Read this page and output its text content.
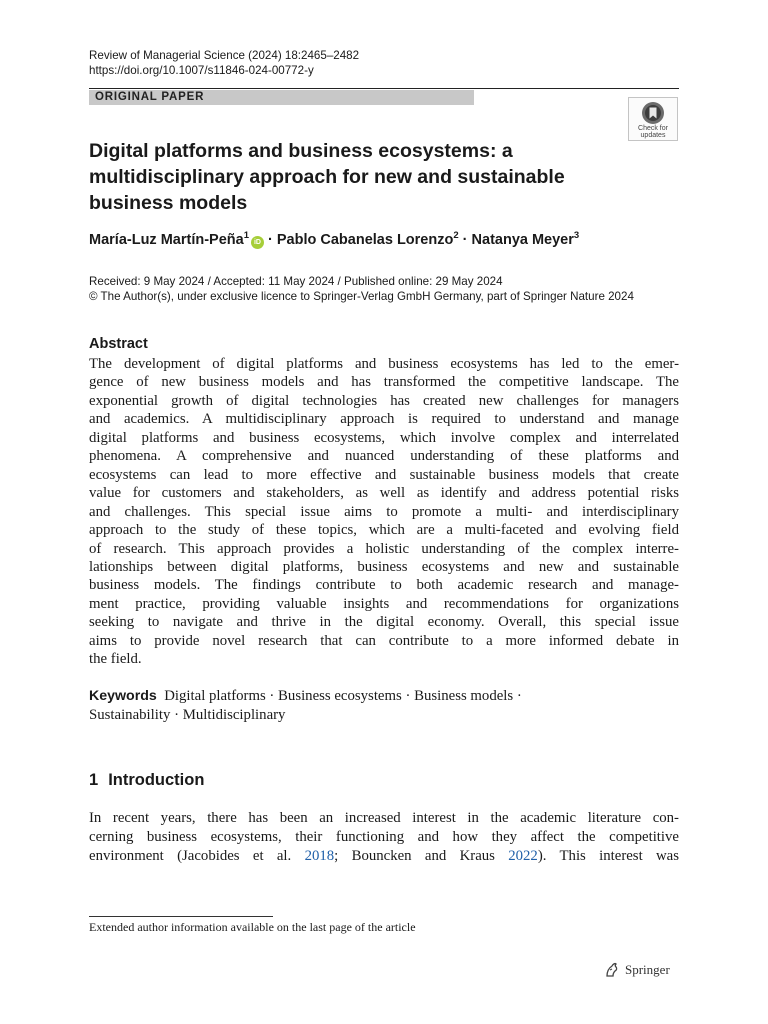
Review of Managerial Science (2024) 18:2465–2482
https://doi.org/10.1007/s11846-024-00772-y
ORIGINAL PAPER
Check for
updates
Digital platforms and business ecosystems: a
multidisciplinary approach for new and sustainable
business models
María-Luz Martín-Peña$^1$iD · Pablo Cabanelas Lorenzo$^2$ · Natanya Meyer$^3$
Received: 9 May 2024 / Accepted: 11 May 2024 / Published online: 29 May 2024
© The Author(s), under exclusive licence to Springer-Verlag GmbH Germany, part of Springer Nature 2024
Abstract
The development of digital platforms and business ecosystems has led to the emer-
gence of new business models and has transformed the competitive landscape. The
exponential growth of digital technologies has created new challenges for managers
and academics. A multidisciplinary approach is required to understand and manage
digital platforms and business ecosystems, which involve complex and interrelated
phenomena. A comprehensive and nuanced understanding of these platforms and
ecosystems can lead to more effective and sustainable business models that create
value for customers and stakeholders, as well as identify and address potential risks
and challenges. This special issue aims to promote a multi- and interdisciplinary
approach to the study of these topics, which are a multi-faceted and evolving field
of research. This approach provides a holistic understanding of the complex interre-
lationships between digital platforms, business ecosystems and new and sustainable
business models. The findings contribute to both academic research and manage-
ment practice, providing valuable insights and recommendations for organizations
seeking to navigate and thrive in the digital economy. Overall, this special issue
aims to provide novel research that can contribute to a more informed debate in
the field.
Keywords Digital platforms · Business ecosystems · Business models ·
Sustainability · Multidisciplinary
1 Introduction
In recent years, there has been an increased interest in the academic literature con-
cerning business ecosystems, their functioning and how they affect the competitive
environment (Jacobides et al. 2018; Bouncken and Kraus 2022). This interest was
Extended author information available on the last page of the article
Springer
